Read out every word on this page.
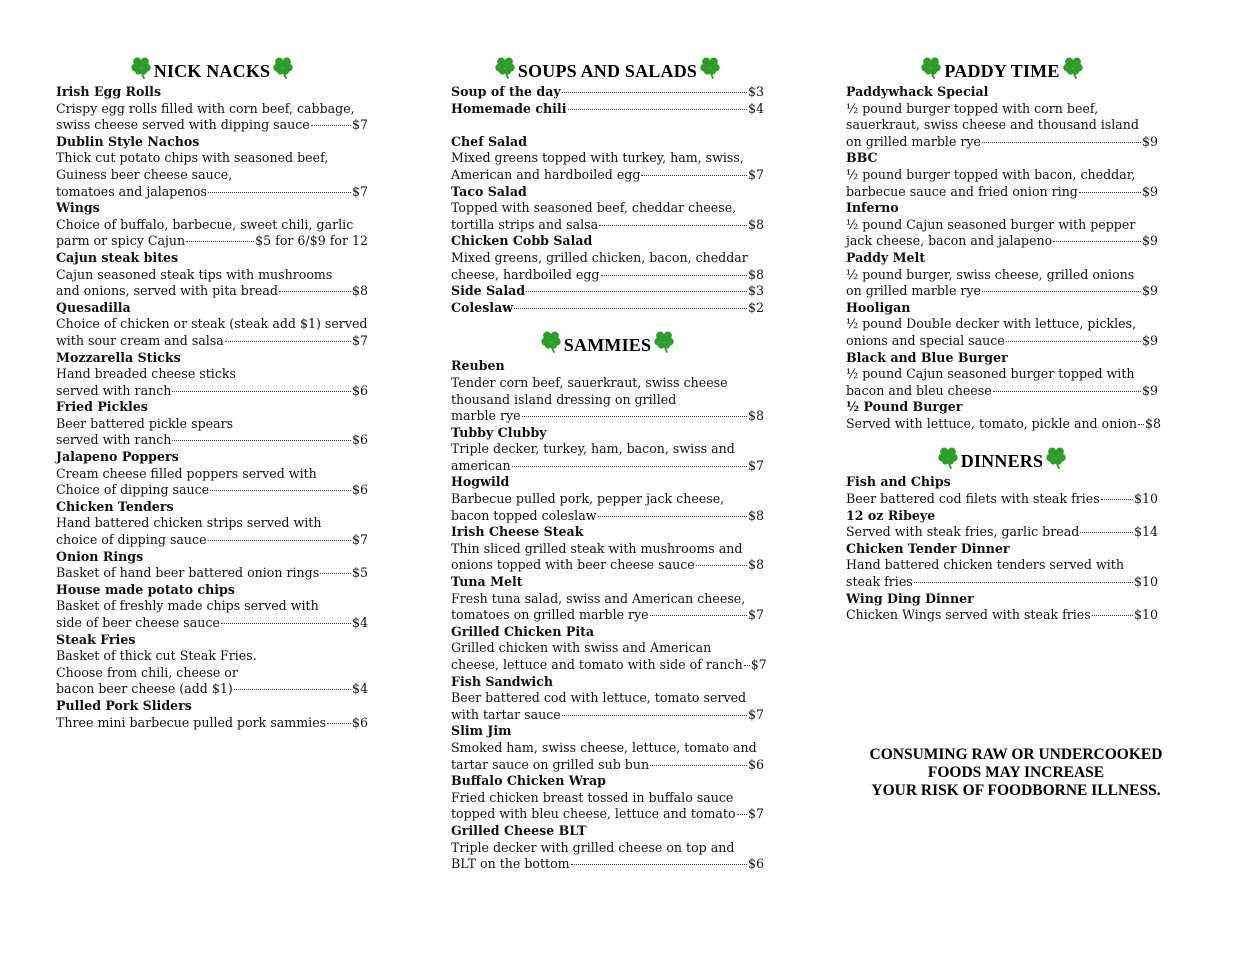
NICK NACKS
Irish Egg Rolls
Crispy egg rolls filled with corn beef, cabbage,
swiss cheese served with dipping sauce	$7
Dublin Style Nachos
Thick cut potato chips with seasoned beef,
Guiness beer cheese sauce,
tomatoes and jalapenos	$7
Wings
Choice of buffalo, barbecue, sweet chili, garlic
parm or spicy Cajun	$5 for 6/$9 for 12
Cajun steak bites
Cajun seasoned steak tips with mushrooms
and onions, served with pita bread	$8
Quesadilla
Choice of chicken or steak (steak add $1) served
with sour cream and salsa	$7
Mozzarella Sticks
Hand breaded cheese sticks
served with ranch	$6
Fried Pickles
Beer battered pickle spears
served with ranch	$6
Jalapeno Poppers
Cream cheese filled poppers served with
Choice of dipping sauce	$6
Chicken Tenders
Hand battered chicken strips served with
choice of dipping sauce	$7
Onion Rings
Basket of hand beer battered onion rings	$5
House made potato chips
Basket of freshly made chips served with
side of beer cheese sauce	$4
Steak Fries
Basket of thick cut Steak Fries.
Choose from chili, cheese or
bacon beer cheese (add $1)	$4
Pulled Pork Sliders
Three mini barbecue pulled pork sammies $6
SOUPS AND SALADS
Soup of the day	$3
Homemade chili	$4
Chef Salad
Mixed greens topped with turkey, ham, swiss,
American and hardboiled egg	$7
Taco Salad
Topped with seasoned beef, cheddar cheese,
tortilla strips and salsa	$8
Chicken Cobb Salad
Mixed greens, grilled chicken, bacon, cheddar
cheese, hardboiled egg	$8
Side Salad	$3
Coleslaw	$2
SAMMIES
Reuben
Tender corn beef, sauerkraut, swiss cheese
thousand island dressing on grilled
marble rye	$8
Tubby Clubby
Triple decker, turkey, ham, bacon, swiss and
american	$7
Hogwild
Barbecue pulled pork, pepper jack cheese,
bacon topped coleslaw	$8
Irish Cheese Steak
Thin sliced grilled steak with mushrooms and
onions topped with beer cheese sauce	$8
Tuna Melt
Fresh tuna salad, swiss and American cheese,
tomatoes on grilled marble rye	$7
Grilled Chicken Pita
Grilled chicken with swiss and American
cheese, lettuce and tomato with side of ranch $7
Fish Sandwich
Beer battered cod with lettuce, tomato served
with tartar sauce	$7
Slim Jim
Smoked ham, swiss cheese, lettuce, tomato and
tartar sauce on grilled sub bun	$6
Buffalo Chicken Wrap
Fried chicken breast tossed in buffalo sauce
topped with bleu cheese, lettuce and tomato $7
Grilled Cheese BLT
Triple decker with grilled cheese on top and
BLT on the bottom	$6
PADDY TIME
Paddywhack Special
½ pound burger topped with corn beef,
sauerkraut, swiss cheese and thousand island
on grilled marble rye	$9
BBC
½ pound burger topped with bacon, cheddar,
barbecue sauce and fried onion ring	$9
Inferno
½ pound Cajun seasoned burger with pepper
jack cheese, bacon and jalapeno	$9
Paddy Melt
½ pound burger, swiss cheese, grilled onions
on grilled marble rye	$9
Hooligan
½ pound Double decker with lettuce, pickles,
onions and special sauce	$9
Black and Blue Burger
½ pound Cajun seasoned burger topped with
bacon and bleu cheese	$9
½ Pound Burger
Served with lettuce, tomato, pickle and onion $8
DINNERS
Fish and Chips
Beer battered cod filets with steak fries	$10
12 oz Ribeye
Served with steak fries, garlic bread	$14
Chicken Tender Dinner
Hand battered chicken tenders served with
steak fries	$10
Wing Ding Dinner
Chicken Wings served with steak fries	$10
CONSUMING RAW OR UNDERCOOKED
FOODS MAY INCREASE
YOUR RISK OF FOODBORNE ILLNESS.
